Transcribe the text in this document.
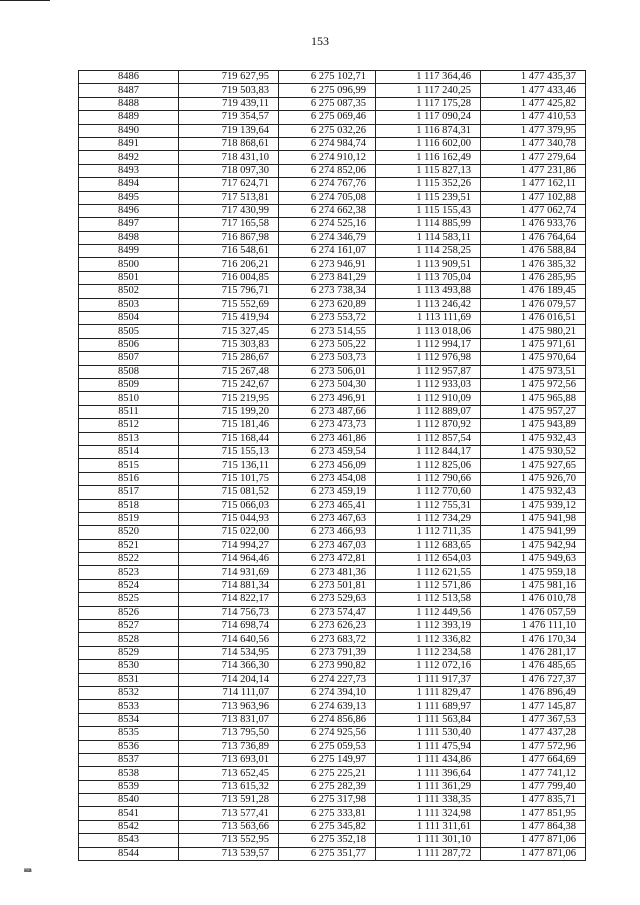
153
8486	719 627,95	6 275 102,71	1 117 364,46	1 477 435,37
8487	719 503,83	6 275 096,99	1 117 240,25	1 477 433,46
8488	719 439,11	6 275 087,35	1 117 175,28	1 477 425,82
8489	719 354,57	6 275 069,46	1 117 090,24	1 477 410,53
8490	719 139,64	6 275 032,26	1 116 874,31	1 477 379,95
8491	718 868,61	6 274 984,74	1 116 602,00	1 477 340,78
8492	718 431,10	6 274 910,12	1 116 162,49	1 477 279,64
8493	718 097,30	6 274 852,06	1 115 827,13	1 477 231,86
8494	717 624,71	6 274 767,76	1 115 352,26	1 477 162,11
8495	717 513,81	6 274 705,08	1 115 239,51	1 477 102,88
8496	717 430,99	6 274 662,38	1 115 155,43	1 477 062,74
8497	717 165,58	6 274 525,16	1 114 885,99	1 476 933,76
8498	716 867,98	6 274 346,79	1 114 583,11	1 476 764,64
8499	716 548,61	6 274 161,07	1 114 258,25	1 476 588,84
8500	716 206,21	6 273 946,91	1 113 909,51	1 476 385,32
8501	716 004,85	6 273 841,29	1 113 705,04	1 476 285,95
8502	715 796,71	6 273 738,34	1 113 493,88	1 476 189,45
8503	715 552,69	6 273 620,89	1 113 246,42	1 476 079,57
8504	715 419,94	6 273 553,72	1 113 111,69	1 476 016,51
8505	715 327,45	6 273 514,55	1 113 018,06	1 475 980,21
8506	715 303,83	6 273 505,22	1 112 994,17	1 475 971,61
8507	715 286,67	6 273 503,73	1 112 976,98	1 475 970,64
8508	715 267,48	6 273 506,01	1 112 957,87	1 475 973,51
8509	715 242,67	6 273 504,30	1 112 933,03	1 475 972,56
8510	715 219,95	6 273 496,91	1 112 910,09	1 475 965,88
8511	715 199,20	6 273 487,66	1 112 889,07	1 475 957,27
8512	715 181,46	6 273 473,73	1 112 870,92	1 475 943,89
8513	715 168,44	6 273 461,86	1 112 857,54	1 475 932,43
8514	715 155,13	6 273 459,54	1 112 844,17	1 475 930,52
8515	715 136,11	6 273 456,09	1 112 825,06	1 475 927,65
8516	715 101,75	6 273 454,08	1 112 790,66	1 475 926,70
8517	715 081,52	6 273 459,19	1 112 770,60	1 475 932,43
8518	715 066,03	6 273 465,41	1 112 755,31	1 475 939,12
8519	715 044,93	6 273 467,63	1 112 734,29	1 475 941,98
8520	715 022,00	6 273 466,93	1 112 711,35	1 475 941,99
8521	714 994,27	6 273 467,03	1 112 683,65	1 475 942,94
8522	714 964,46	6 273 472,81	1 112 654,03	1 475 949,63
8523	714 931,69	6 273 481,36	1 112 621,55	1 475 959,18
8524	714 881,34	6 273 501,81	1 112 571,86	1 475 981,16
8525	714 822,17	6 273 529,63	1 112 513,58	1 476 010,78
8526	714 756,73	6 273 574,47	1 112 449,56	1 476 057,59
8527	714 698,74	6 273 626,23	1 112 393,19	1 476 111,10
8528	714 640,56	6 273 683,72	1 112 336,82	1 476 170,34
8529	714 534,95	6 273 791,39	1 112 234,58	1 476 281,17
8530	714 366,30	6 273 990,82	1 112 072,16	1 476 485,65
8531	714 204,14	6 274 227,73	1 111 917,37	1 476 727,37
8532	714 111,07	6 274 394,10	1 111 829,47	1 476 896,49
8533	713 963,96	6 274 639,13	1 111 689,97	1 477 145,87
8534	713 831,07	6 274 856,86	1 111 563,84	1 477 367,53
8535	713 795,50	6 274 925,56	1 111 530,40	1 477 437,28
8536	713 736,89	6 275 059,53	1 111 475,94	1 477 572,96
8537	713 693,01	6 275 149,97	1 111 434,86	1 477 664,69
8538	713 652,45	6 275 225,21	1 111 396,64	1 477 741,12
8539	713 615,32	6 275 282,39	1 111 361,29	1 477 799,40
8540	713 591,28	6 275 317,98	1 111 338,35	1 477 835,71
8541	713 577,41	6 275 333,81	1 111 324,98	1 477 851,95
8542	713 563,66	6 275 345,82	1 111 311,61	1 477 864,38
8543	713 552,95	6 275 352,18	1 111 301,10	1 477 871,06
8544	713 539,57	6 275 351,77	1 111 287,72	1 477 871,06
нв
